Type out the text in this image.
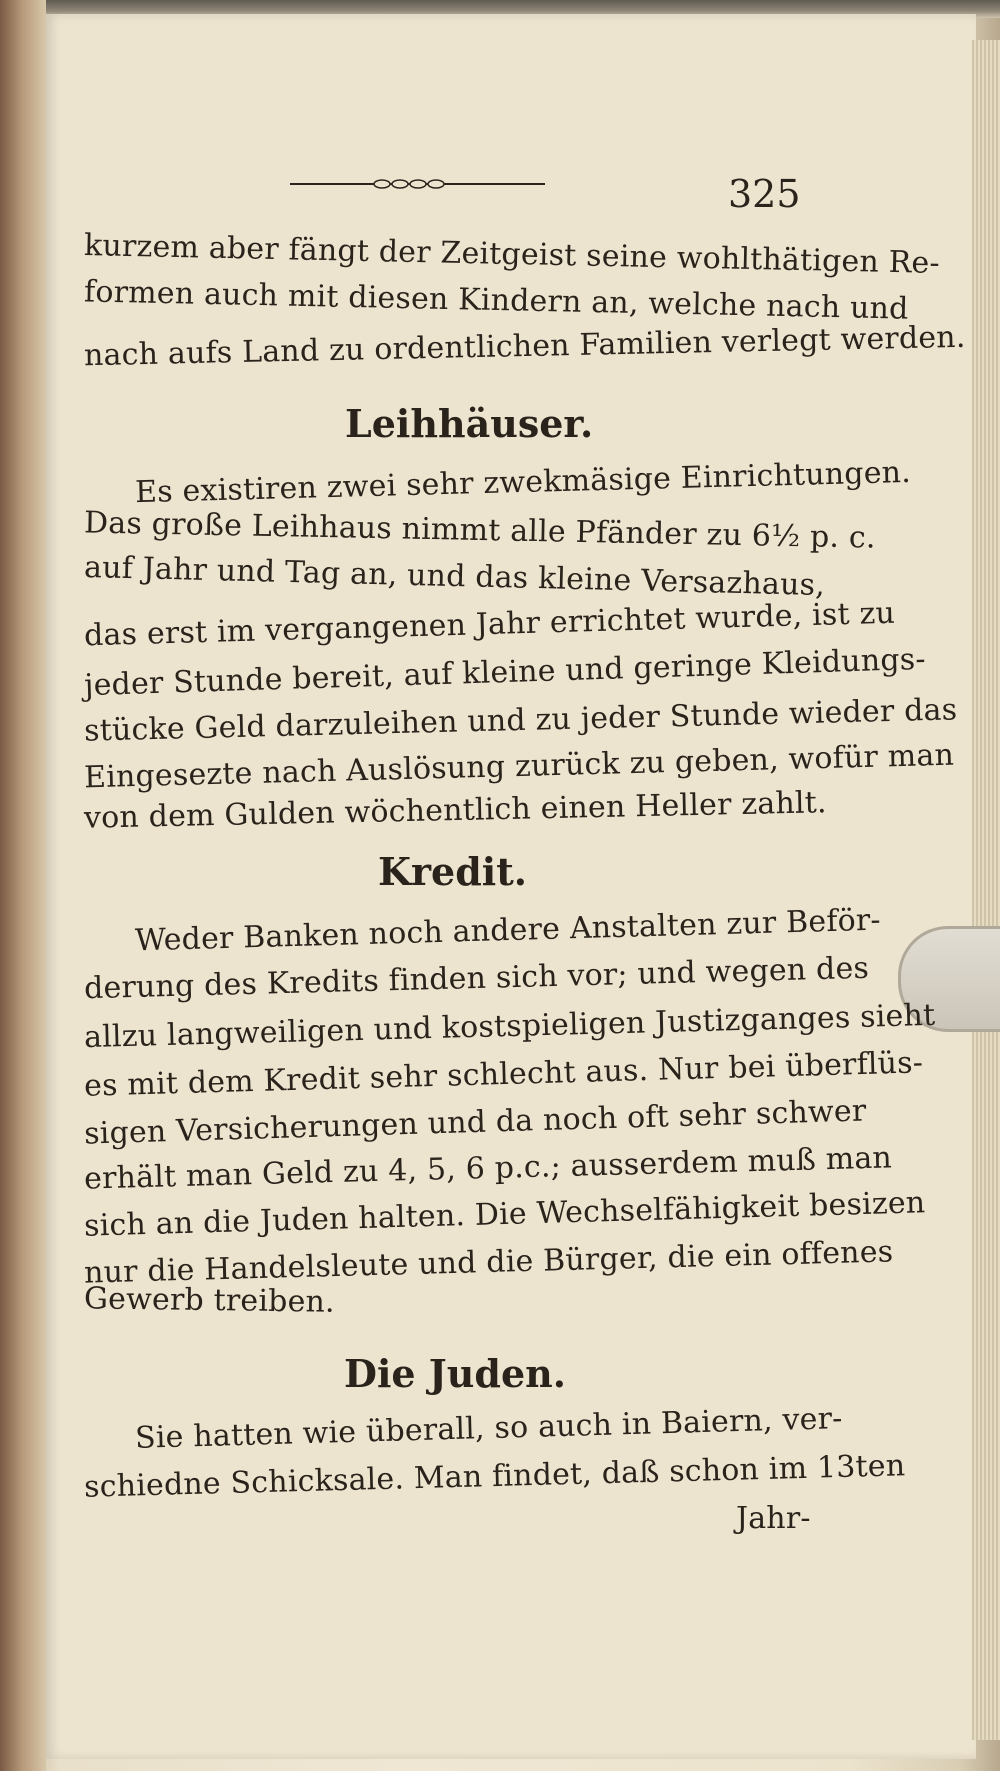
325

kurzem aber fängt der Zeitgeist seine wohlthätigen Re-

formen auch mit diesen Kindern an, welche nach und

nach aufs Land zu ordentlichen Familien verlegt werden.

Leihhäuser.

Es existiren zwei sehr zwekmäsige Einrichtungen.

Das große Leihhaus nimmt alle Pfänder zu 6½ p. c.

auf Jahr und Tag an, und das kleine Versazhaus,

das erst im vergangenen Jahr errichtet wurde, ist zu

jeder Stunde bereit, auf kleine und geringe Kleidungs-

stücke Geld darzuleihen und zu jeder Stunde wieder das

Eingesezte nach Auslösung zurück zu geben, wofür man

von dem Gulden wöchentlich einen Heller zahlt.

Kredit.

Weder Banken noch andere Anstalten zur Beför-

derung des Kredits finden sich vor; und wegen des

allzu langweiligen und kostspieligen Justizganges sieht

es mit dem Kredit sehr schlecht aus. Nur bei überflüs-

sigen Versicherungen und da noch oft sehr schwer

erhält man Geld zu 4, 5, 6 p.c.; ausserdem muß man

sich an die Juden halten. Die Wechselfähigkeit besizen

nur die Handelsleute und die Bürger, die ein offenes

Gewerb treiben.

Die Juden.

Sie hatten wie überall, so auch in Baiern, ver-

schiedne Schicksale. Man findet, daß schon im 13ten

Jahr-
